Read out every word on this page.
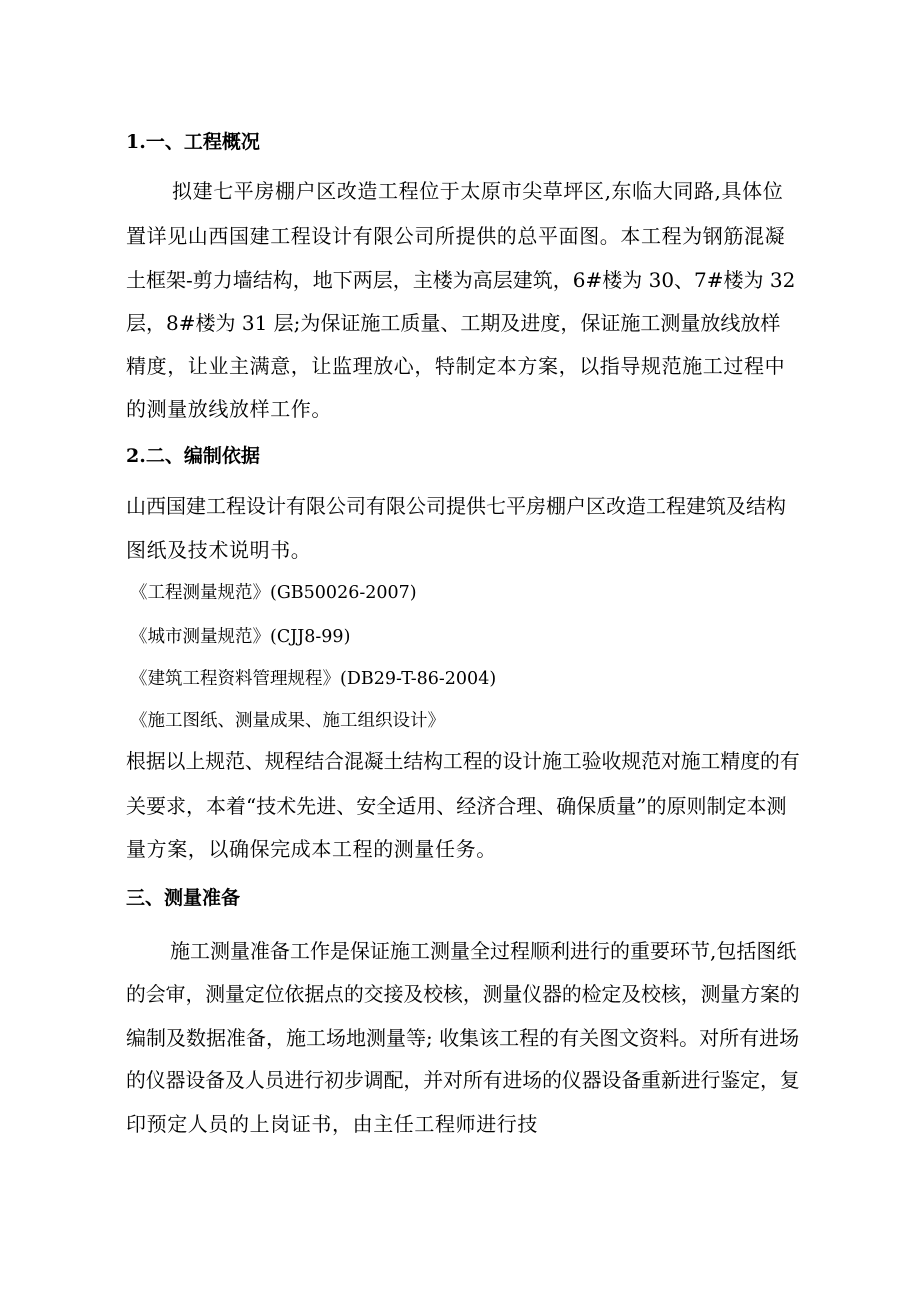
1.一、工程概况
拟建七平房棚户区改造工程位于太原市尖草坪区,东临大同路,具体位
置详见山西国建工程设计有限公司所提供的总平面图。本工程为钢筋混凝
土框架-剪力墙结构，地下两层，主楼为高层建筑，6#楼为 30、7#楼为 32
层，8#楼为 31 层;为保证施工质量、工期及进度，保证施工测量放线放样
精度，让业主满意，让监理放心，特制定本方案，以指导规范施工过程中
的测量放线放样工作。
2.二、编制依据
山西国建工程设计有限公司有限公司提供七平房棚户区改造工程建筑及结构
图纸及技术说明书。
《工程测量规范》(GB50026-2007)
《城市测量规范》(CJJ8-99)
《建筑工程资料管理规程》(DB29-T-86-2004)
《施工图纸、测量成果、施工组织设计》
根据以上规范、规程结合混凝土结构工程的设计施工验收规范对施工精度的有
关要求，本着“技术先进、安全适用、经济合理、确保质量”的原则制定本测
量方案，以确保完成本工程的测量任务。
三、测量准备
施工测量准备工作是保证施工测量全过程顺利进行的重要环节,包括图纸
的会审，测量定位依据点的交接及校核，测量仪器的检定及校核，测量方案的
编制及数据准备，施工场地测量等; 收集该工程的有关图文资料。对所有进场
的仪器设备及人员进行初步调配，并对所有进场的仪器设备重新进行鉴定，复
印预定人员的上岗证书，由主任工程师进行技
